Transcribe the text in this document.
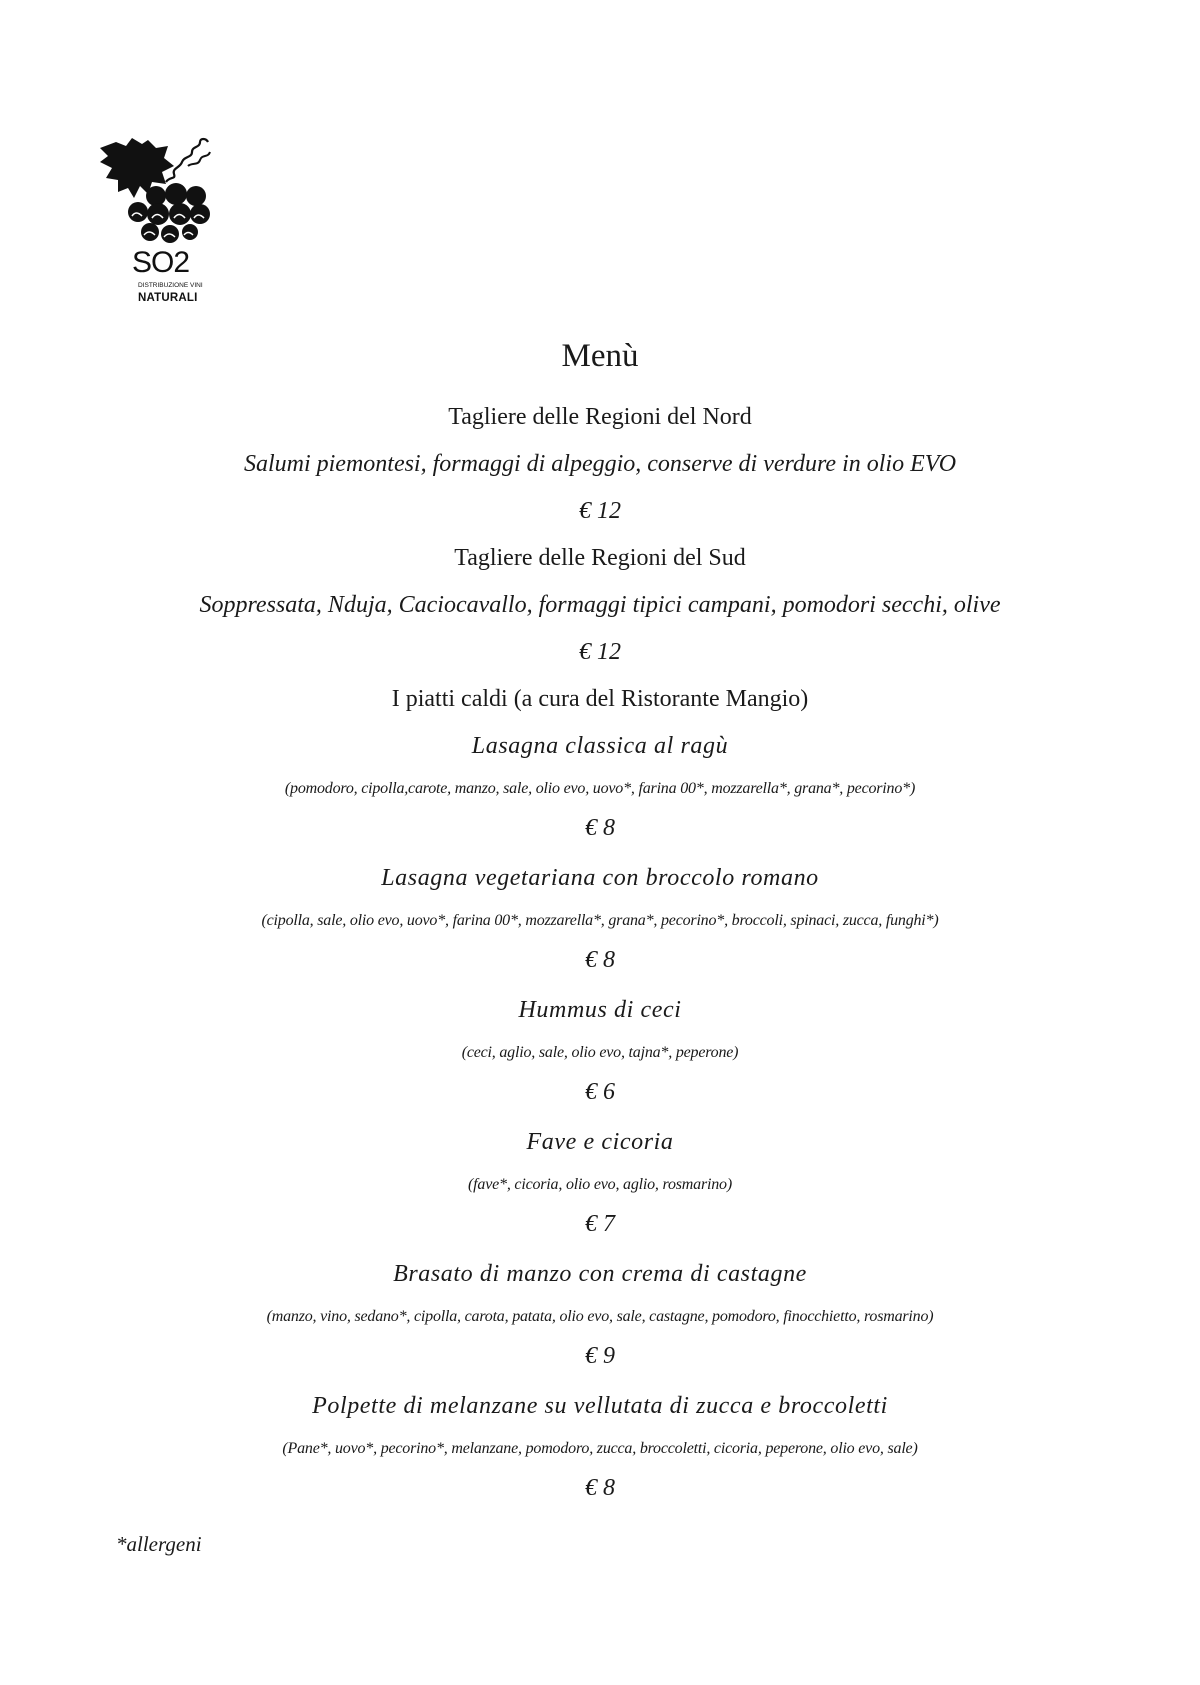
SO2
DISTRIBUZIONE VINI
NATURALI
Menù
Tagliere delle Regioni del Nord
Salumi piemontesi, formaggi di alpeggio, conserve di verdure in olio EVO
€ 12
Tagliere delle Regioni del Sud
Soppressata, Nduja, Caciocavallo, formaggi tipici campani, pomodori secchi, olive
€ 12
I piatti caldi (a cura del Ristorante Mangio)
Lasagna classica al ragù
(pomodoro, cipolla,carote, manzo, sale, olio evo, uovo*, farina 00*, mozzarella*, grana*, pecorino*)
€ 8
Lasagna vegetariana con broccolo romano
(cipolla, sale, olio evo, uovo*, farina 00*, mozzarella*, grana*, pecorino*, broccoli, spinaci, zucca, funghi*)
€ 8
Hummus di ceci
(ceci, aglio, sale, olio evo, tajna*, peperone)
€ 6
Fave e cicoria
(fave*, cicoria, olio evo, aglio, rosmarino)
€ 7
Brasato di manzo con crema di castagne
(manzo, vino, sedano*, cipolla, carota, patata, olio evo, sale, castagne, pomodoro, finocchietto, rosmarino)
€ 9
Polpette di melanzane su vellutata di zucca e broccoletti
(Pane*, uovo*, pecorino*, melanzane, pomodoro, zucca, broccoletti, cicoria, peperone, olio evo, sale)
€ 8
*allergeni
